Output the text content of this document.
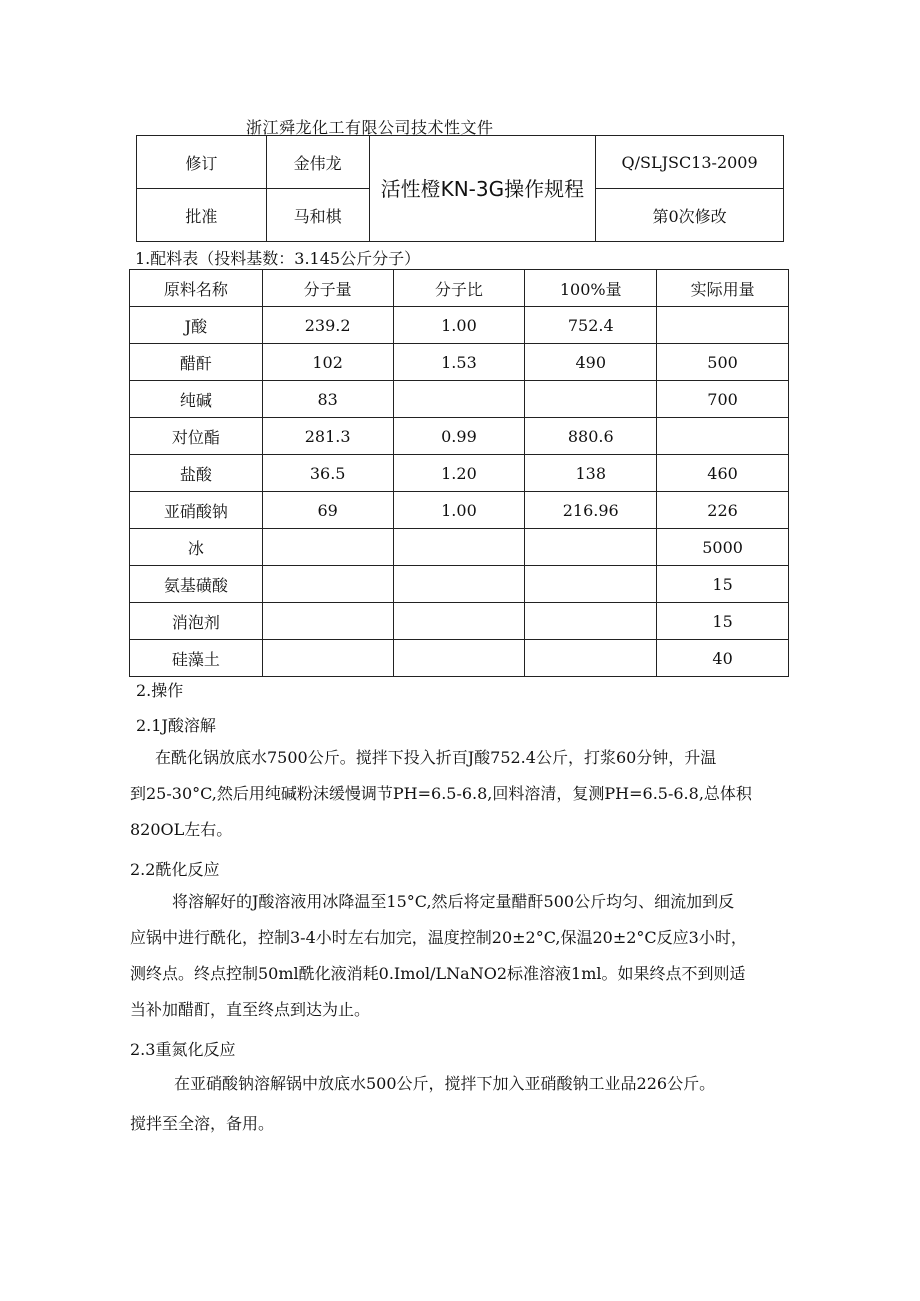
浙江舜龙化工有限公司技术性文件
修订	金伟龙	活性橙KN-3G操作规程	Q/SLJSC13-2009
批准	马和棋		第0次修改
1.配料表（投料基数：3.145公斤分子）
原料名称	分子量	分子比	100%量	实际用量
J酸	239.2	1.00	752.4	
醋酐	102	1.53	490	500
纯碱	83			700
对位酯	281.3	0.99	880.6	
盐酸	36.5	1.20	138	460
亚硝酸钠	69	1.00	216.96	226
冰				5000
氨基磺酸				15
消泡剂				15
硅藻土				40
2.操作
2.1J酸溶解
在酰化锅放底水7500公斤。搅拌下投入折百J酸752.4公斤，打浆60分钟，升温
到25-30°C,然后用纯碱粉沫缓慢调节PH=6.5-6.8,回料溶清，复测PH=6.5-6.8,总体积
820OL左右。
2.2酰化反应
将溶解好的J酸溶液用冰降温至15°C,然后将定量醋酐500公斤均匀、细流加到反
应锅中进行酰化，控制3-4小时左右加完，温度控制20±2°C,保温20±2°C反应3小时，
测终点。终点控制50ml酰化液消耗0.Imol/LNaNO2标准溶液1ml。如果终点不到则适
当补加醋酊，直至终点到达为止。
2.3重氮化反应
在亚硝酸钠溶解锅中放底水500公斤，搅拌下加入亚硝酸钠工业品226公斤。
搅拌至全溶，备用。
